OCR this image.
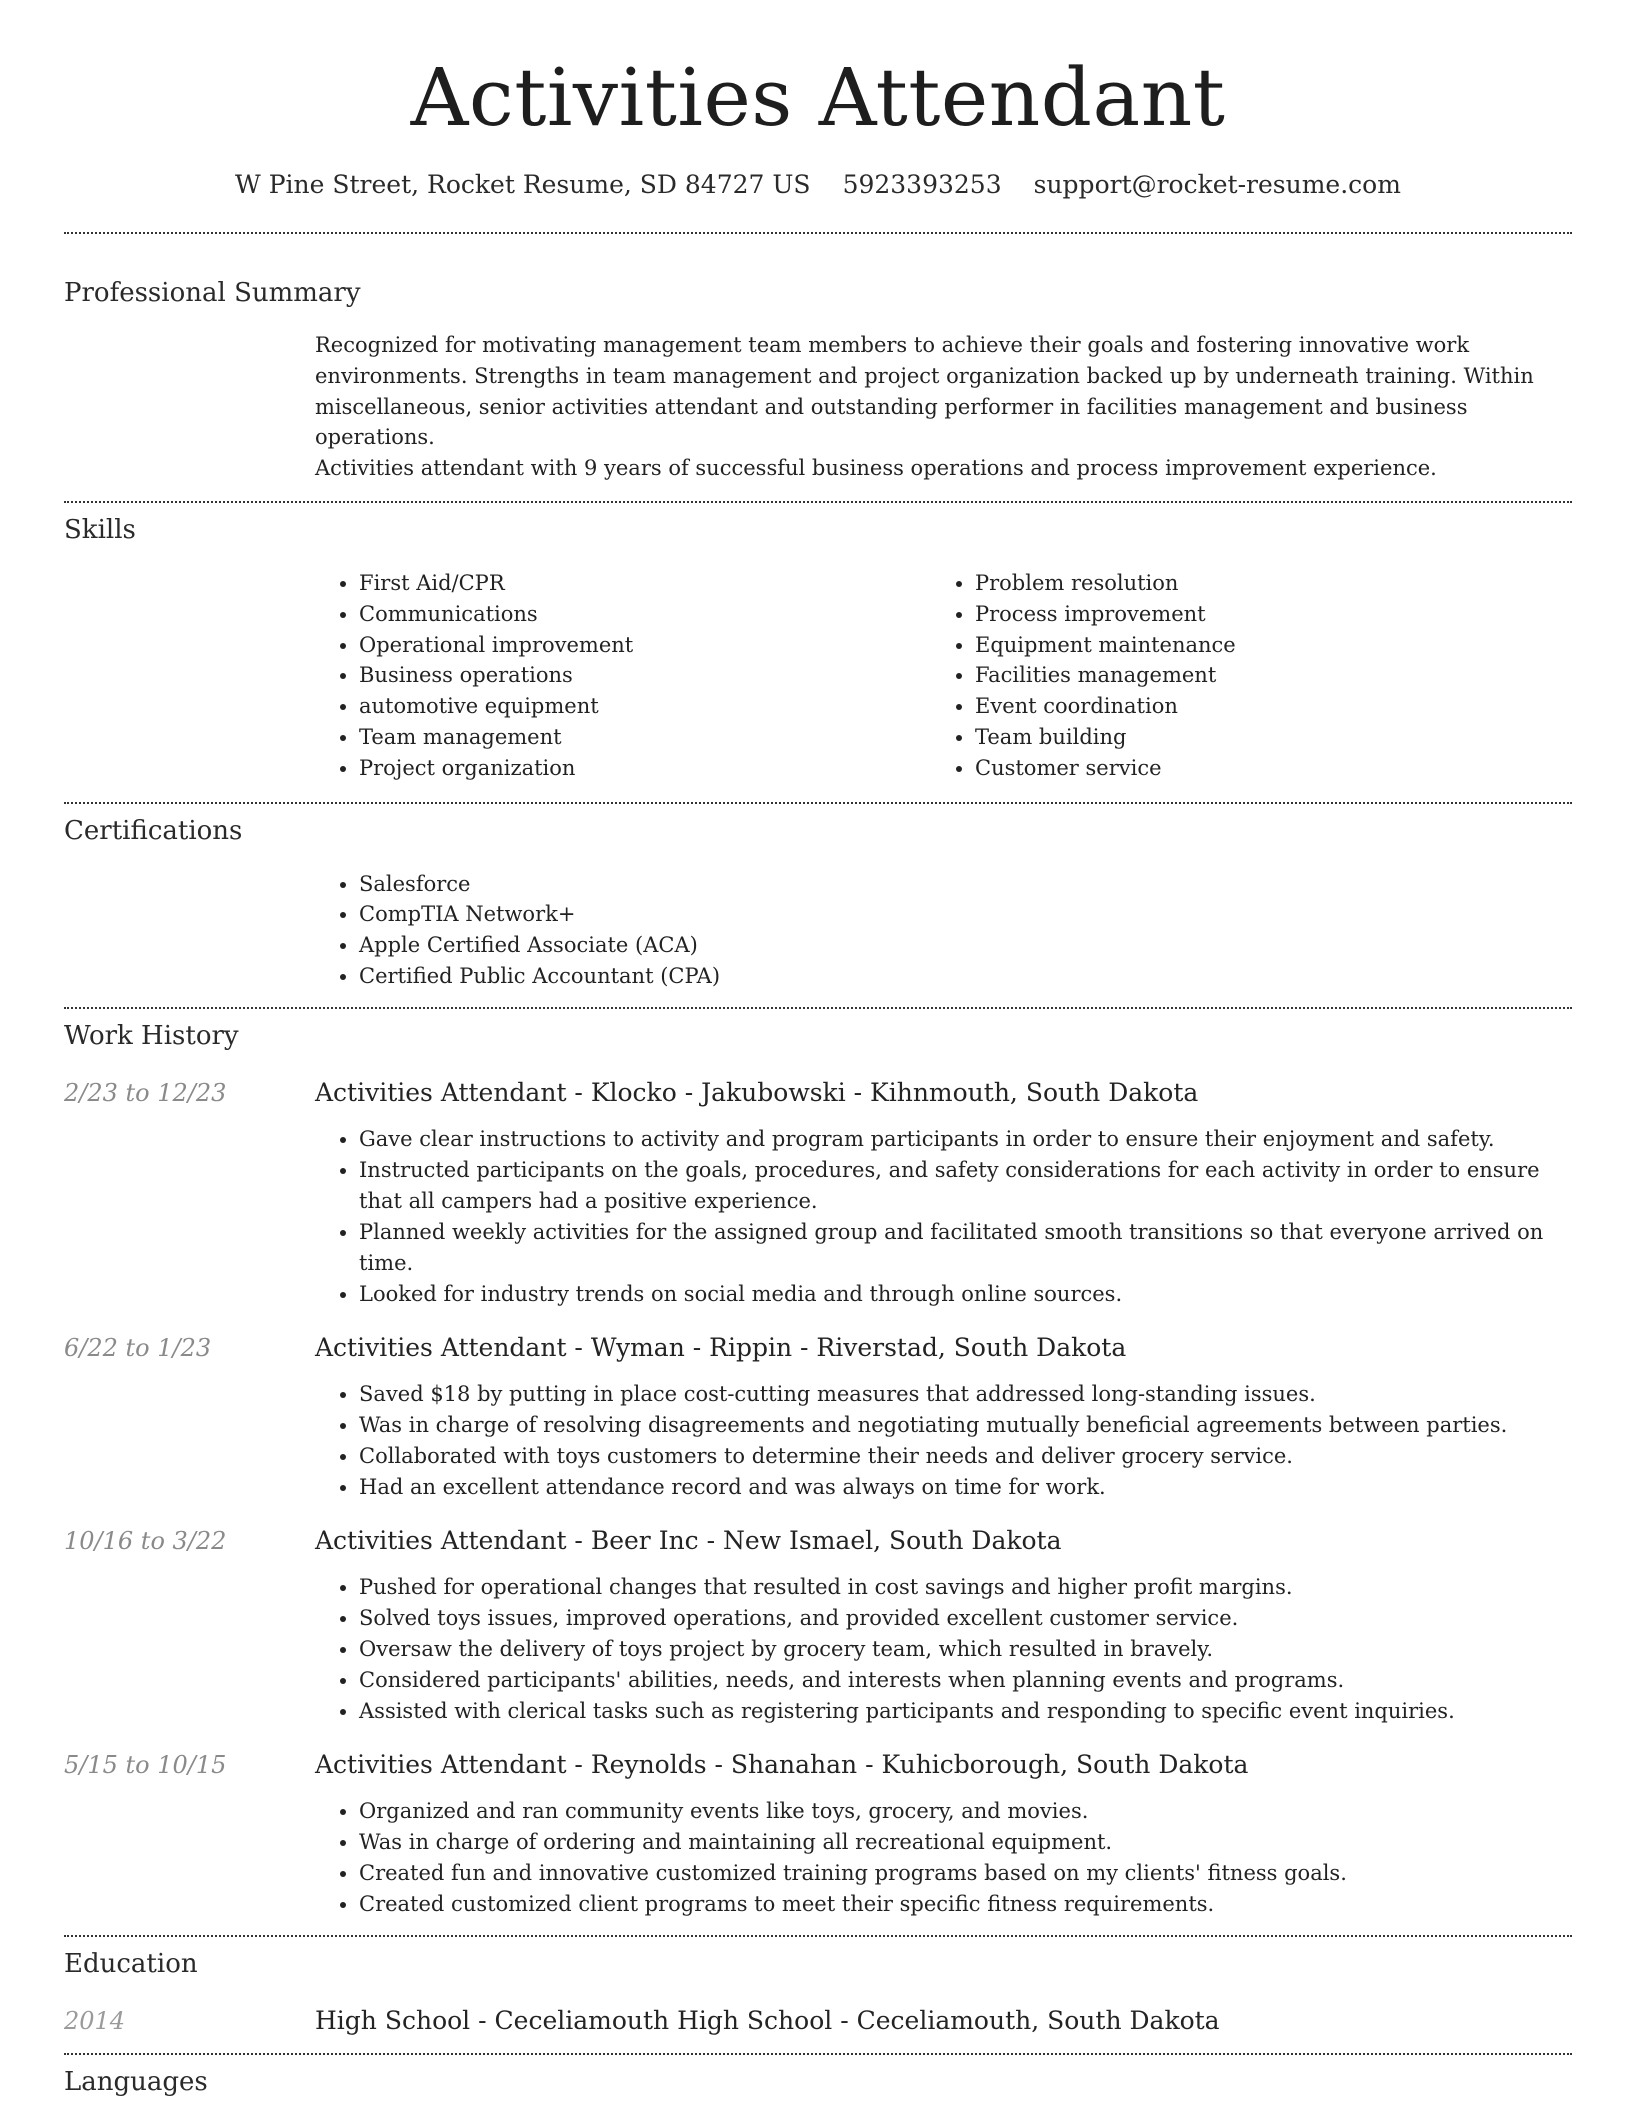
Activities Attendant
W Pine Street, Rocket Resume, SD 84727 US 5923393253 support@rocket-resume.com
Professional Summary
Recognized for motivating management team members to achieve their goals and fostering innovative work
environments. Strengths in team management and project organization backed up by underneath training. Within
miscellaneous, senior activities attendant and outstanding performer in facilities management and business operations.
Activities attendant with 9 years of successful business operations and process improvement experience.
Skills
• First Aid/CPR
• Communications
• Operational improvement
• Business operations
• automotive equipment
• Team management
• Project organization
• Problem resolution
• Process improvement
• Equipment maintenance
• Facilities management
• Event coordination
• Team building
• Customer service
Certifications
• Salesforce
• CompTIA Network+
• Apple Certified Associate (ACA)
• Certified Public Accountant (CPA)
Work History
2/23 to 12/23	Activities Attendant - Klocko - Jakubowski - Kihnmouth, South Dakota
• Gave clear instructions to activity and program participants in order to ensure their enjoyment and safety.
• Instructed participants on the goals, procedures, and safety considerations for each activity in order to ensure that all campers had a positive experience.
• Planned weekly activities for the assigned group and facilitated smooth transitions so that everyone arrived on time.
• Looked for industry trends on social media and through online sources.
6/22 to 1/23	Activities Attendant - Wyman - Rippin - Riverstad, South Dakota
• Saved $18 by putting in place cost-cutting measures that addressed long-standing issues.
• Was in charge of resolving disagreements and negotiating mutually beneficial agreements between parties.
• Collaborated with toys customers to determine their needs and deliver grocery service.
• Had an excellent attendance record and was always on time for work.
10/16 to 3/22	Activities Attendant - Beer Inc - New Ismael, South Dakota
• Pushed for operational changes that resulted in cost savings and higher profit margins.
• Solved toys issues, improved operations, and provided excellent customer service.
• Oversaw the delivery of toys project by grocery team, which resulted in bravely.
• Considered participants' abilities, needs, and interests when planning events and programs.
• Assisted with clerical tasks such as registering participants and responding to specific event inquiries.
5/15 to 10/15	Activities Attendant - Reynolds - Shanahan - Kuhicborough, South Dakota
• Organized and ran community events like toys, grocery, and movies.
• Was in charge of ordering and maintaining all recreational equipment.
• Created fun and innovative customized training programs based on my clients' fitness goals.
• Created customized client programs to meet their specific fitness requirements.
Education
2014	High School - Ceceliamouth High School - Ceceliamouth, South Dakota
Languages
